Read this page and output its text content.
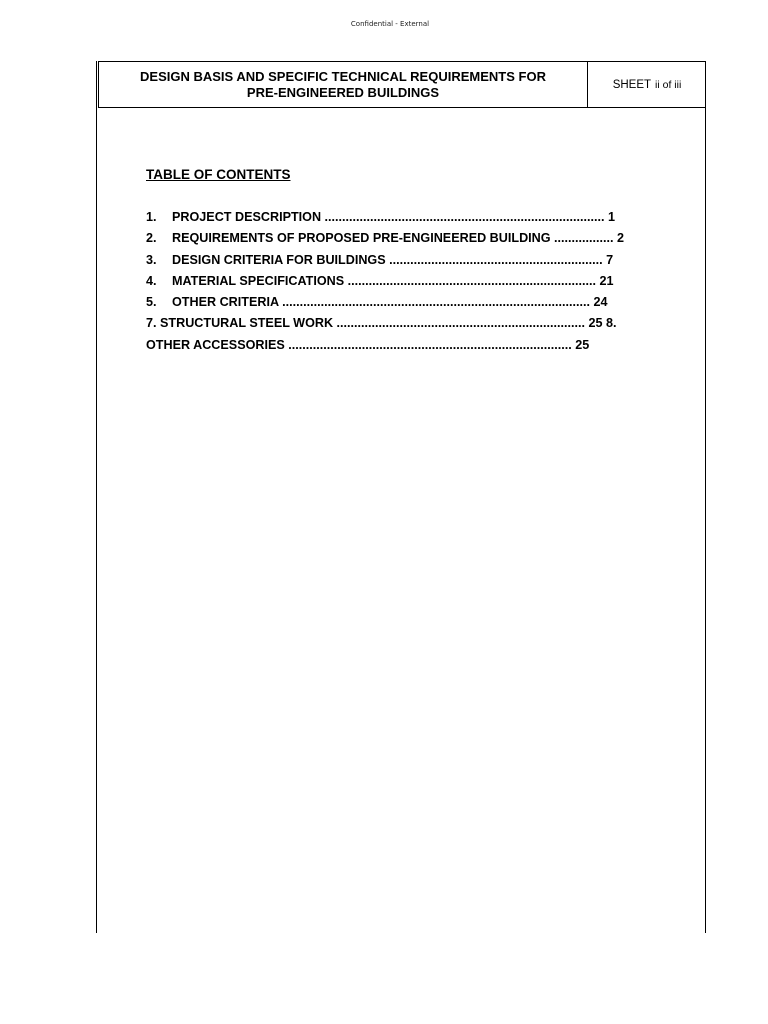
Confidential - External
DESIGN BASIS AND SPECIFIC TECHNICAL REQUIREMENTS FOR
PRE-ENGINEERED BUILDINGS	SHEET ii of iii
TABLE OF CONTENTS
1. PROJECT DESCRIPTION ................................................................................ 1
2. REQUIREMENTS OF PROPOSED PRE-ENGINEERED BUILDING ................. 2
3. DESIGN CRITERIA FOR BUILDINGS ............................................................. 7
4. MATERIAL SPECIFICATIONS ....................................................................... 21
5. OTHER CRITERIA ........................................................................................ 24
7. STRUCTURAL STEEL WORK ....................................................................... 25 8.
OTHER ACCESSORIES ................................................................................. 25
